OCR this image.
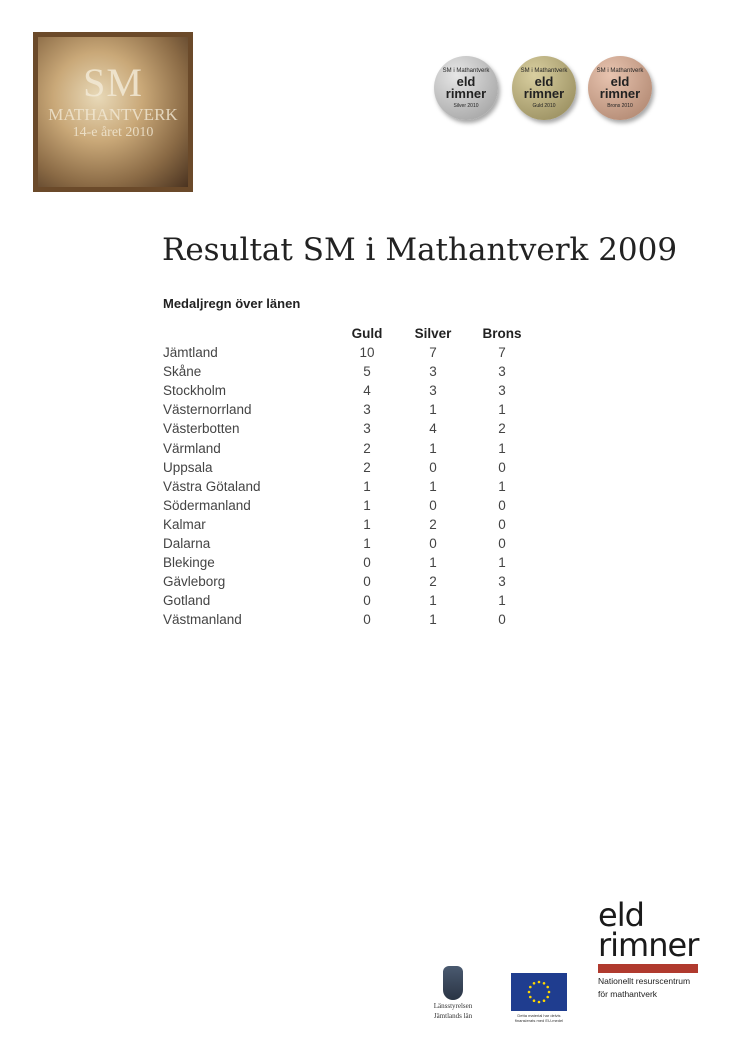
SM
MATHANTVERK
14-e året 2010
SM i Mathantverk
eld
rimner
Silver 2010
SM i Mathantverk
eld
rimner
Guld 2010
SM i Mathantverk
eld
rimner
Brons 2010
Resultat SM i Mathantverk 2009
Medaljregn över länen
	Guld	Silver	Brons
Jämtland	10	7	7
Skåne	5	3	3
Stockholm	4	3	3
Västernorrland	3	1	1
Västerbotten	3	4	2
Värmland	2	1	1
Uppsala	2	0	0
Västra Götaland	1	1	1
Södermanland	1	0	0
Kalmar	1	2	0
Dalarna	1	0	0
Blekinge	0	1	1
Gävleborg	0	2	3
Gotland	0	1	1
Västmanland	0	1	0
Länsstyrelsen
Jämtlands län	Detta material har delvis finansierats med EU-medel
eld
rimner
Nationellt resurscentrum
för mathantverk
